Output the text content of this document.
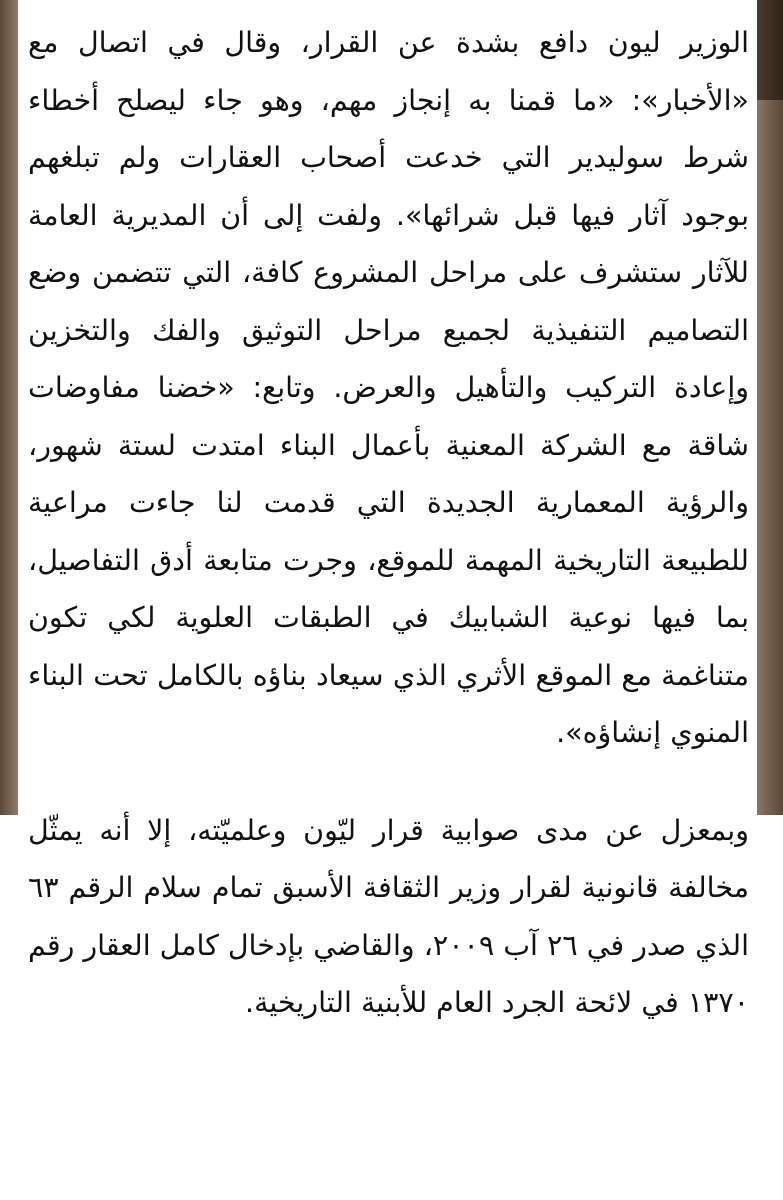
الوزير ليون دافع بشدة عن القرار، وقال في اتصال مع «الأخبار»: «ما قمنا به إنجاز مهم، وهو جاء ليصلح أخطاء شرط سوليدير التي خدعت أصحاب العقارات ولم تبلغهم بوجود آثار فيها قبل شرائها». ولفت إلى أن المديرية العامة للآثار ستشرف على مراحل المشروع كافة، التي تتضمن وضع التصاميم التنفيذية لجميع مراحل التوثيق والفك والتخزين وإعادة التركيب والتأهيل والعرض. وتابع: «خضنا مفاوضات شاقة مع الشركة المعنية بأعمال البناء امتدت لستة شهور، والرؤية المعمارية الجديدة التي قدمت لنا جاءت مراعية للطبيعة التاريخية المهمة للموقع، وجرت متابعة أدق التفاصيل، بما فيها نوعية الشبابيك في الطبقات العلوية لكي تكون متناغمة مع الموقع الأثري الذي سيعاد بناؤه بالكامل تحت البناء المنوي إنشاؤه».

وبمعزل عن مدى صوابية قرار ليّون وعلميّته، إلا أنه يمثّل مخالفة قانونية لقرار وزير الثقافة الأسبق تمام سلام الرقم ٦٣ الذي صدر في ٢٦ آب ٢٠٠٩، والقاضي بإدخال كامل العقار رقم ١٣٧٠ في لائحة الجرد العام للأبنية التاريخية.
